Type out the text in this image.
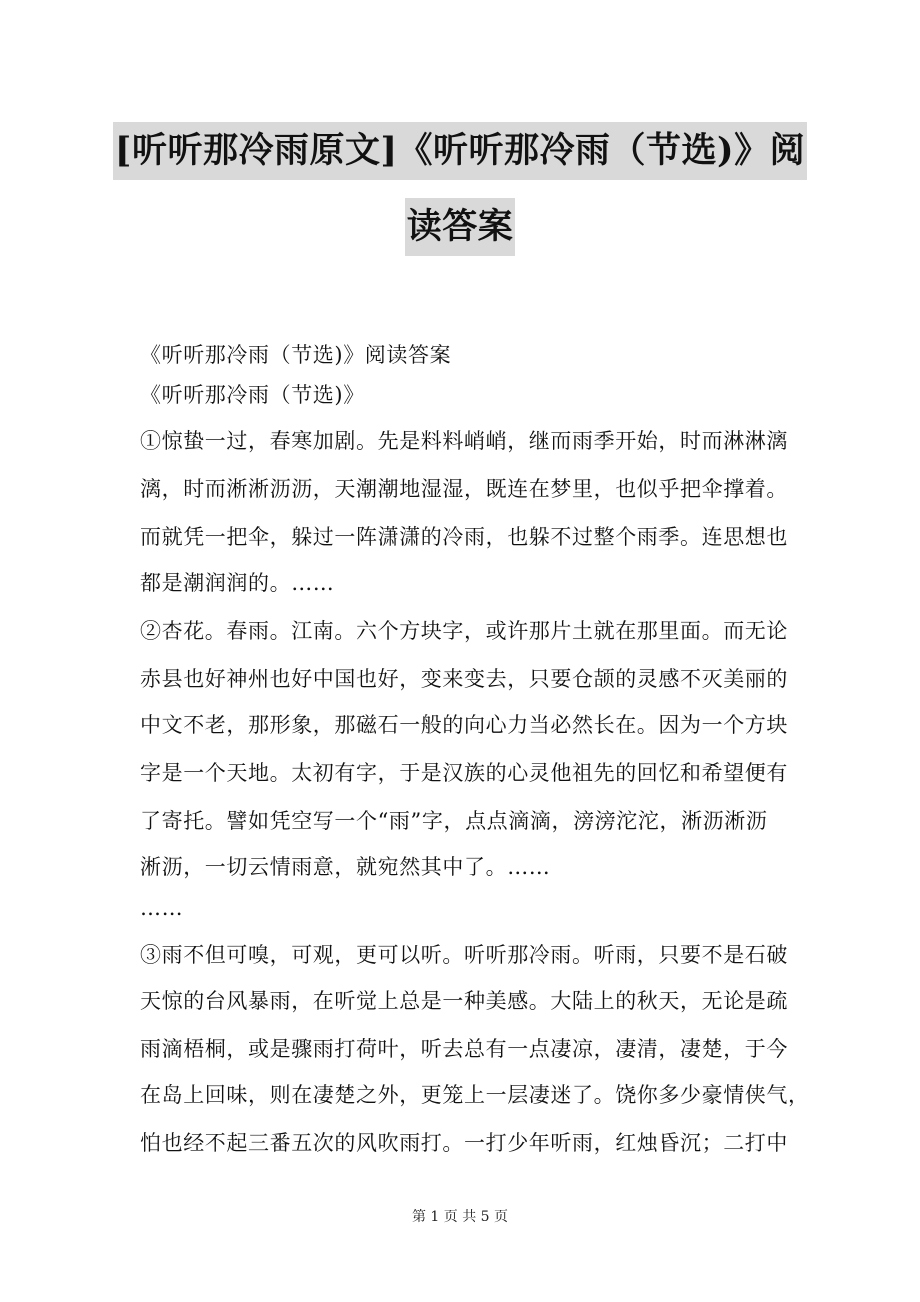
[听听那冷雨原文]《听听那冷雨（节选)》阅
读答案

《听听那冷雨（节选)》阅读答案

《听听那冷雨（节选)》

①惊蛰一过，春寒加剧。先是料料峭峭，继而雨季开始，时而淋淋漓

漓，时而淅淅沥沥，天潮潮地湿湿，既连在梦里，也似乎把伞撑着。

而就凭一把伞，躲过一阵潇潇的冷雨，也躲不过整个雨季。连思想也

都是潮润润的。……

②杏花。春雨。江南。六个方块字，或许那片土就在那里面。而无论

赤县也好神州也好中国也好，变来变去，只要仓颉的灵感不灭美丽的

中文不老，那形象，那磁石一般的向心力当必然长在。因为一个方块

字是一个天地。太初有字，于是汉族的心灵他祖先的回忆和希望便有

了寄托。譬如凭空写一个“雨”字，点点滴滴，滂滂沱沱，淅沥淅沥

淅沥，一切云情雨意，就宛然其中了。……

……

③雨不但可嗅，可观，更可以听。听听那冷雨。听雨，只要不是石破

天惊的台风暴雨，在听觉上总是一种美感。大陆上的秋天，无论是疏

雨滴梧桐，或是骤雨打荷叶，听去总有一点凄凉，凄清，凄楚，于今

在岛上回味，则在凄楚之外，更笼上一层凄迷了。饶你多少豪情侠气，

怕也经不起三番五次的风吹雨打。一打少年听雨，红烛昏沉；二打中

第 1 页 共 5 页
